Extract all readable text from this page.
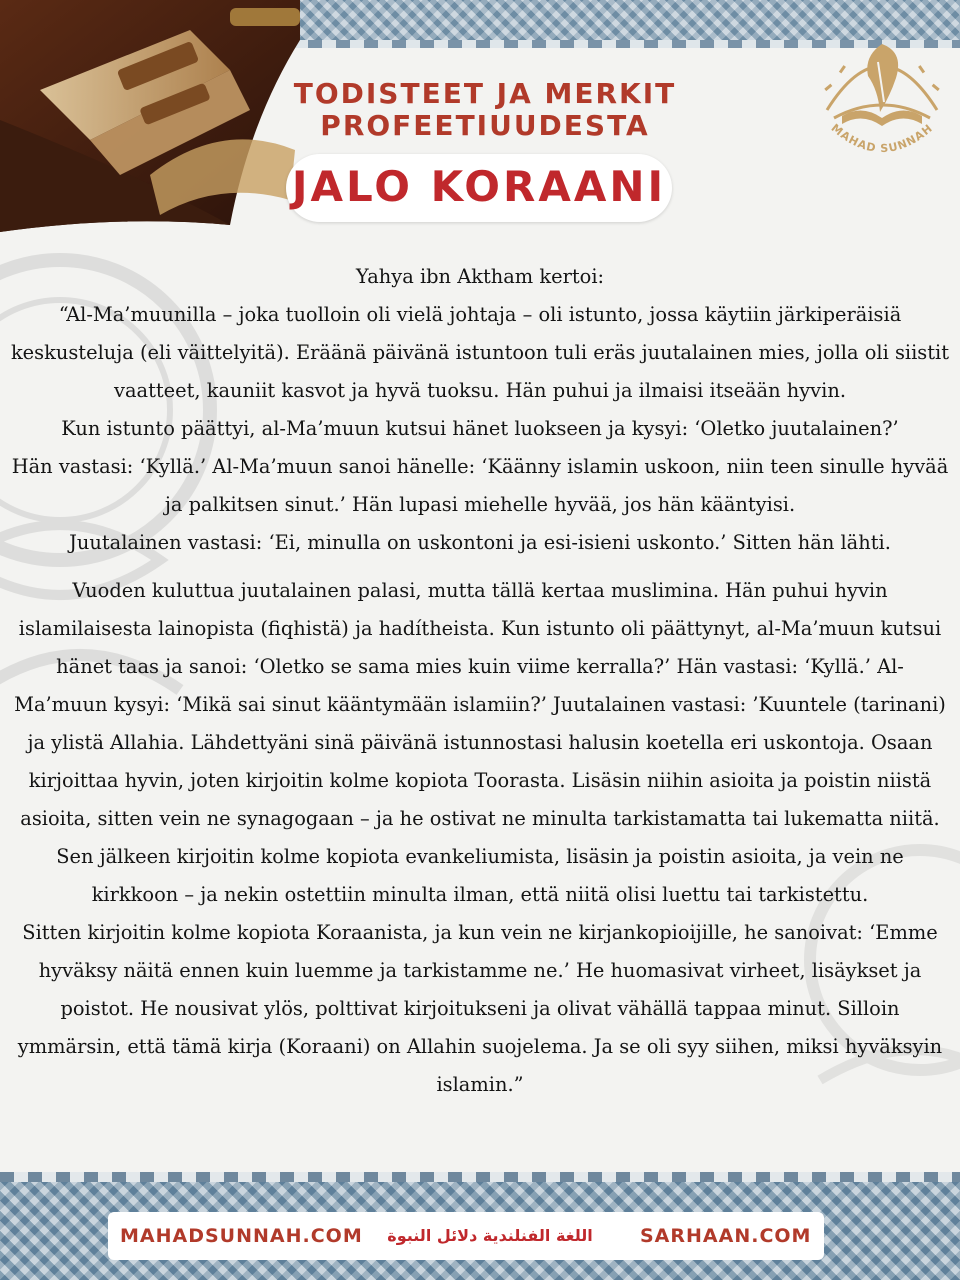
TODISTEET JA MERKIT PROFEETIUUDESTA
JALO KORAANI
MAHAD SUNNAH

Yahya ibn Aktham kertoi:

“Al-Ma’muunilla – joka tuolloin oli vielä johtaja – oli istunto, jossa käytiin järkiperäisiä keskusteluja (eli väittelyitä). Eräänä päivänä istuntoon tuli eräs juutalainen mies, jolla oli siistit vaatteet, kauniit kasvot ja hyvä tuoksu. Hän puhui ja ilmaisi itseään hyvin.

Kun istunto päättyi, al-Ma’muun kutsui hänet luokseen ja kysyi: ‘Oletko juutalainen?’

Hän vastasi: ‘Kyllä.’ Al-Ma’muun sanoi hänelle: ‘Käänny islamin uskoon, niin teen sinulle hyvää ja palkitsen sinut.’ Hän lupasi miehelle hyvää, jos hän kääntyisi.

Juutalainen vastasi: ‘Ei, minulla on uskontoni ja esi-isieni uskonto.’ Sitten hän lähti.

Vuoden kuluttua juutalainen palasi, mutta tällä kertaa muslimina. Hän puhui hyvin islamilaisesta lainopista (fiqhistä) ja hadítheista. Kun istunto oli päättynyt, al-Ma’muun kutsui hänet taas ja sanoi: ‘Oletko se sama mies kuin viime kerralla?’ Hän vastasi: ‘Kyllä.’ Al-Ma’muun kysyi: ‘Mikä sai sinut kääntymään islamiin?’ Juutalainen vastasi: ’Kuuntele (tarinani) ja ylistä Allahia. Lähdettyäni sinä päivänä istunnostasi halusin koetella eri uskontoja. Osaan kirjoittaa hyvin, joten kirjoitin kolme kopiota Toorasta. Lisäsin niihin asioita ja poistin niistä asioita, sitten vein ne synagogaan – ja he ostivat ne minulta tarkistamatta tai lukematta niitä.

Sen jälkeen kirjoitin kolme kopiota evankeliumista, lisäsin ja poistin asioita, ja vein ne kirkkoon – ja nekin ostettiin minulta ilman, että niitä olisi luettu tai tarkistettu.

Sitten kirjoitin kolme kopiota Koraanista, ja kun vein ne kirjankopioijille, he sanoivat: ‘Emme hyväksy näitä ennen kuin luemme ja tarkistamme ne.’ He huomasivat virheet, lisäykset ja poistot. He nousivat ylös, polttivat kirjoitukseni ja olivat vähällä tappaa minut. Silloin ymmärsin, että tämä kirja (Koraani) on Allahin suojelema. Ja se oli syy siihen, miksi hyväksyin islamin.”

MAHADSUNNAH.COM اللغة الفنلندية دلائل النبوة SARHAAN.COM
